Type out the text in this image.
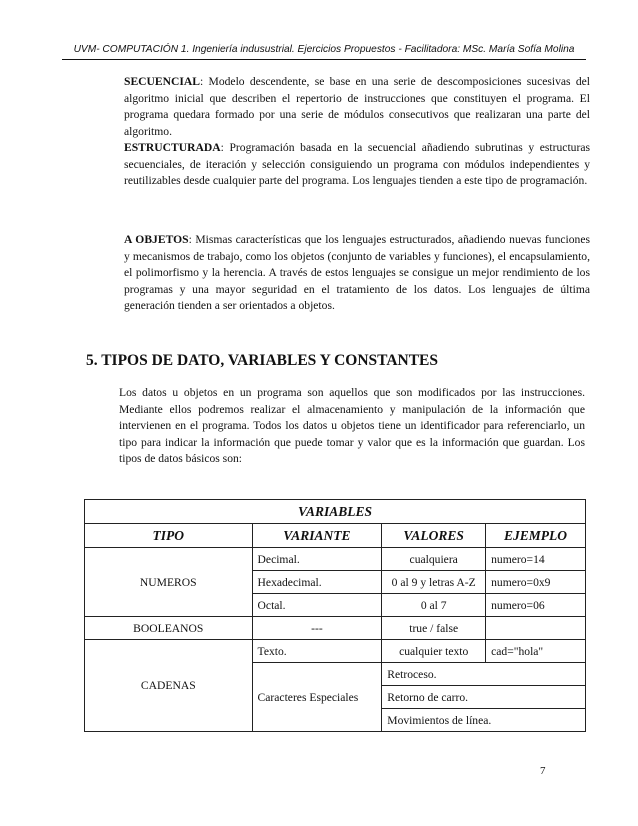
UVM- COMPUTACIÓN 1. Ingeniería indusustrial. Ejercicios Propuestos - Facilitadora: MSc. María Sofía Molina

SECUENCIAL: Modelo descendente, se base en una serie de descomposiciones sucesivas del algoritmo inicial que describen el repertorio de instrucciones que constituyen el programa. El programa quedara formado por una serie de módulos consecutivos que realizaran una parte del algoritmo.

ESTRUCTURADA: Programación basada en la secuencial añadiendo subrutinas y estructuras secuenciales, de iteración y selección consiguiendo un programa con módulos independientes y reutilizables desde cualquier parte del programa. Los lenguajes tienden a este tipo de programación.

A OBJETOS: Mismas características que los lenguajes estructurados, añadiendo nuevas funciones y mecanismos de trabajo, como los objetos (conjunto de variables y funciones), el encapsulamiento, el polimorfismo y la herencia. A través de estos lenguajes se consigue un mejor rendimiento de los programas y una mayor seguridad en el tratamiento de los datos. Los lenguajes de última generación tienden a ser orientados a objetos.

5. TIPOS DE DATO, VARIABLES Y CONSTANTES

Los datos u objetos en un programa son aquellos que son modificados por las instrucciones. Mediante ellos podremos realizar el almacenamiento y manipulación de la información que intervienen en el programa. Todos los datos u objetos tiene un identificador para referenciarlo, un tipo para indicar la información que puede tomar y valor que es la información que guardan. Los tipos de datos básicos son:

VARIABLES			
TIPO	VARIANTE	VALORES	EJEMPLO
NUMEROS	Decimal.	cualquiera	numero=14
	Hexadecimal.	0 al 9 y letras A-Z	numero=0x9
	Octal.	0 al 7	numero=06
BOOLEANOS	---	true / false	
CADENAS	Texto.	cualquier texto	cad="hola"
	Caracteres Especiales	Retroceso.	
		Retorno de carro.	
		Movimientos de línea.	
7
